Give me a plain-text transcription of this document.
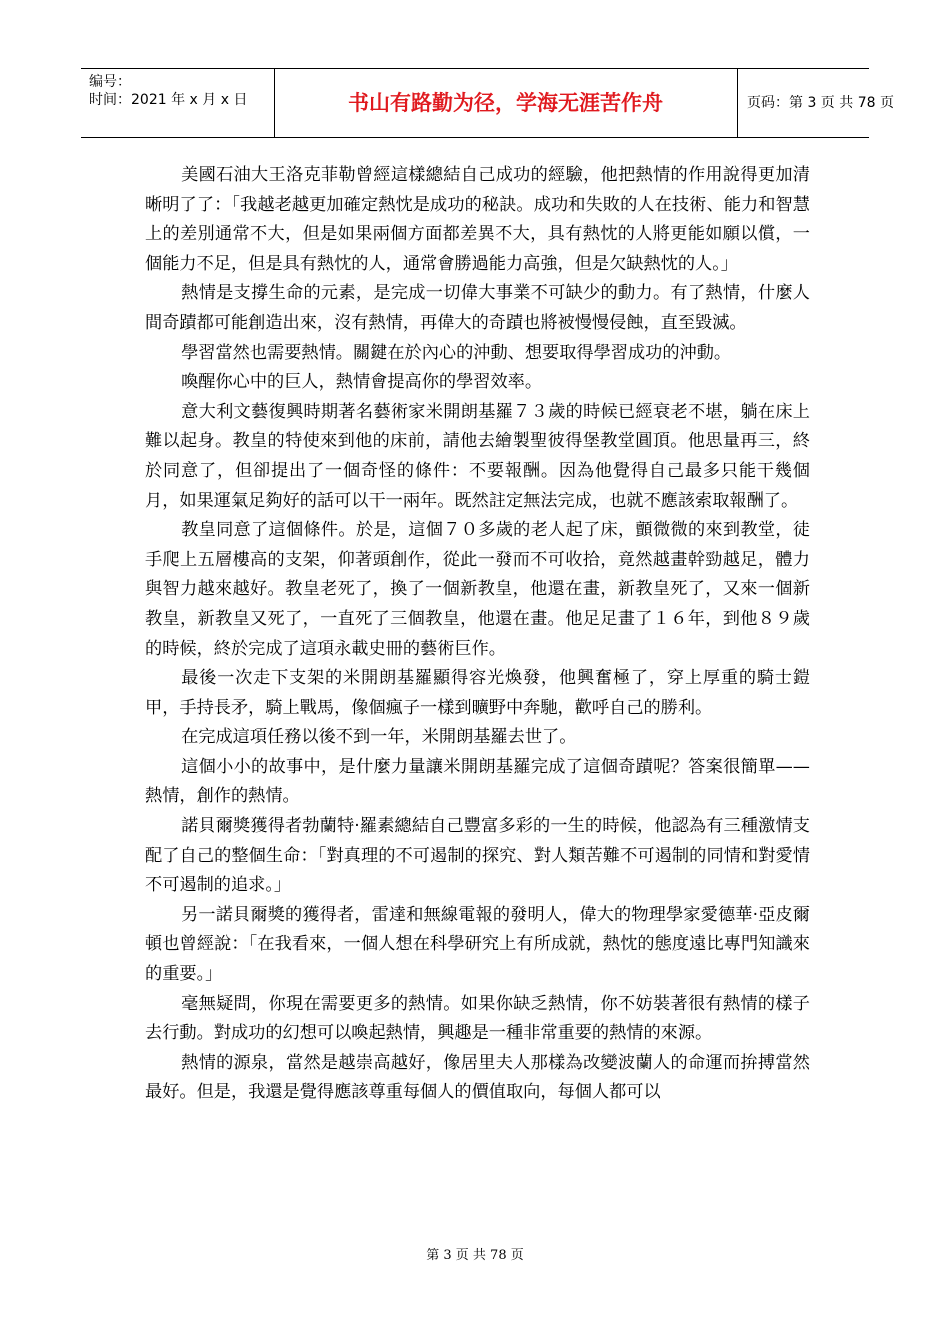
编号：
时间：2021 年 x 月 x 日	书山有路勤为径，学海无涯苦作舟	页码：第 3 页 共 78 页

美國石油大王洛克菲勒曾經這樣總結自己成功的經驗，他把熱情的作用說得更加清晰明了了：「我越老越更加確定熱忱是成功的秘訣。成功和失敗的人在技術、能力和智慧上的差別通常不大，但是如果兩個方面都差異不大，具有熱忱的人將更能如願以償，一個能力不足，但是具有熱忱的人，通常會勝過能力高強，但是欠缺熱忱的人。」

熱情是支撐生命的元素，是完成一切偉大事業不可缺少的動力。有了熱情，什麼人間奇蹟都可能創造出來，沒有熱情，再偉大的奇蹟也將被慢慢侵蝕，直至毀滅。

學習當然也需要熱情。關鍵在於內心的沖動、想要取得學習成功的沖動。

喚醒你心中的巨人，熱情會提高你的學習效率。

意大利文藝復興時期著名藝術家米開朗基羅７３歲的時候已經衰老不堪，躺在床上難以起身。教皇的特使來到他的床前，請他去繪製聖彼得堡教堂圓頂。他思量再三，終於同意了，但卻提出了一個奇怪的條件：不要報酬。因為他覺得自己最多只能干幾個月，如果運氣足夠好的話可以干一兩年。既然註定無法完成，也就不應該索取報酬了。

教皇同意了這個條件。於是，這個７０多歲的老人起了床，顫微微的來到教堂，徒手爬上五層樓高的支架，仰著頭創作，從此一發而不可收拾，竟然越畫幹勁越足，體力與智力越來越好。教皇老死了，換了一個新教皇，他還在畫，新教皇死了，又來一個新教皇，新教皇又死了，一直死了三個教皇，他還在畫。他足足畫了１６年，到他８９歲的時候，終於完成了這項永載史冊的藝術巨作。

最後一次走下支架的米開朗基羅顯得容光煥發，他興奮極了，穿上厚重的騎士鎧甲，手持長矛，騎上戰馬，像個瘋子一樣到曠野中奔馳，歡呼自己的勝利。

在完成這項任務以後不到一年，米開朗基羅去世了。

這個小小的故事中，是什麼力量讓米開朗基羅完成了這個奇蹟呢？答案很簡單——熱情，創作的熱情。

諾貝爾獎獲得者勃蘭特·羅素總結自己豐富多彩的一生的時候，他認為有三種激情支配了自己的整個生命：「對真理的不可遏制的探究、對人類苦難不可遏制的同情和對愛情不可遏制的追求。」

另一諾貝爾獎的獲得者，雷達和無線電報的發明人，偉大的物理學家愛德華·亞皮爾頓也曾經說：「在我看來，一個人想在科學研究上有所成就，熱忱的態度遠比專門知識來的重要。」

毫無疑問，你現在需要更多的熱情。如果你缺乏熱情，你不妨裝著很有熱情的樣子去行動。對成功的幻想可以喚起熱情，興趣是一種非常重要的熱情的來源。

熱情的源泉，當然是越崇高越好，像居里夫人那樣為改變波蘭人的命運而拚搏當然最好。但是，我還是覺得應該尊重每個人的價值取向，每個人都可以

第 3 页 共 78 页
